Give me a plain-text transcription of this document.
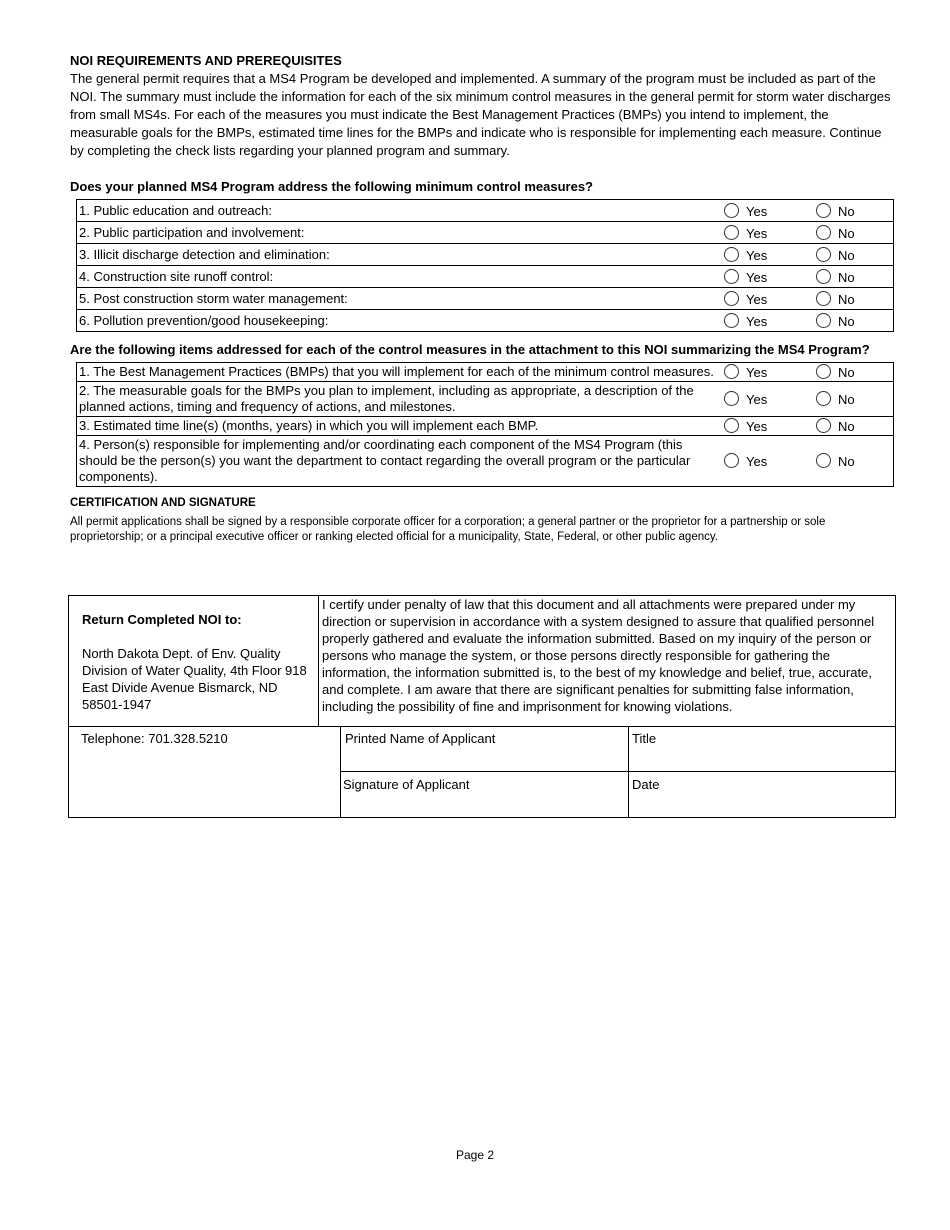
NOI REQUIREMENTS AND PREREQUISITES
The general permit requires that a MS4 Program be developed and implemented. A summary of the program must be included as part of the NOI. The summary must include the information for each of the six minimum control measures in the general permit for storm water discharges from small MS4s. For each of the measures you must indicate the Best Management Practices (BMPs) you intend to implement, the measurable goals for the BMPs, estimated time lines for the BMPs and indicate who is responsible for implementing each measure. Continue by completing the check lists regarding your planned program and summary.
Does your planned MS4 Program address the following minimum control measures?
1. Public education and outreach:	Yes	No
2. Public participation and involvement:	Yes	No
3. Illicit discharge detection and elimination:	Yes	No
4. Construction site runoff control:	Yes	No
5. Post construction storm water management:	Yes	No
6. Pollution prevention/good housekeeping:	Yes	No
Are the following items addressed for each of the control measures in the attachment to this NOI summarizing the MS4 Program?
1. The Best Management Practices (BMPs) that you will implement for each of the minimum control measures.	Yes	No
2. The measurable goals for the BMPs you plan to implement, including as appropriate, a description of the planned actions, timing and frequency of actions, and milestones.	Yes	No
3. Estimated time line(s) (months, years) in which you will implement each BMP.	Yes	No
4. Person(s) responsible for implementing and/or coordinating each component of the MS4 Program (this should be the person(s) you want the department to contact regarding the overall program or the particular components).	Yes	No
CERTIFICATION AND SIGNATURE
All permit applications shall be signed by a responsible corporate officer for a corporation; a general partner or the proprietor for a partnership or sole proprietorship; or a principal executive officer or ranking elected official for a municipality, State, Federal, or other public agency.
Return Completed NOI to:
North Dakota Dept. of Env. Quality Division of Water Quality, 4th Floor 918 East Divide Avenue Bismarck, ND 58501-1947
	I certify under penalty of law that this document and all attachments were prepared under my direction or supervision in accordance with a system designed to assure that qualified personnel properly gathered and evaluate the information submitted. Based on my inquiry of the person or persons who manage the system, or those persons directly responsible for gathering the information, the information submitted is, to the best of my knowledge and belief, true, accurate, and complete. I am aware that there are significant penalties for submitting false information, including the possibility of fine and imprisonment for knowing violations.
Telephone: 701.328.5210	Printed Name of Applicant	Title
	Signature of Applicant	Date
Page 2
